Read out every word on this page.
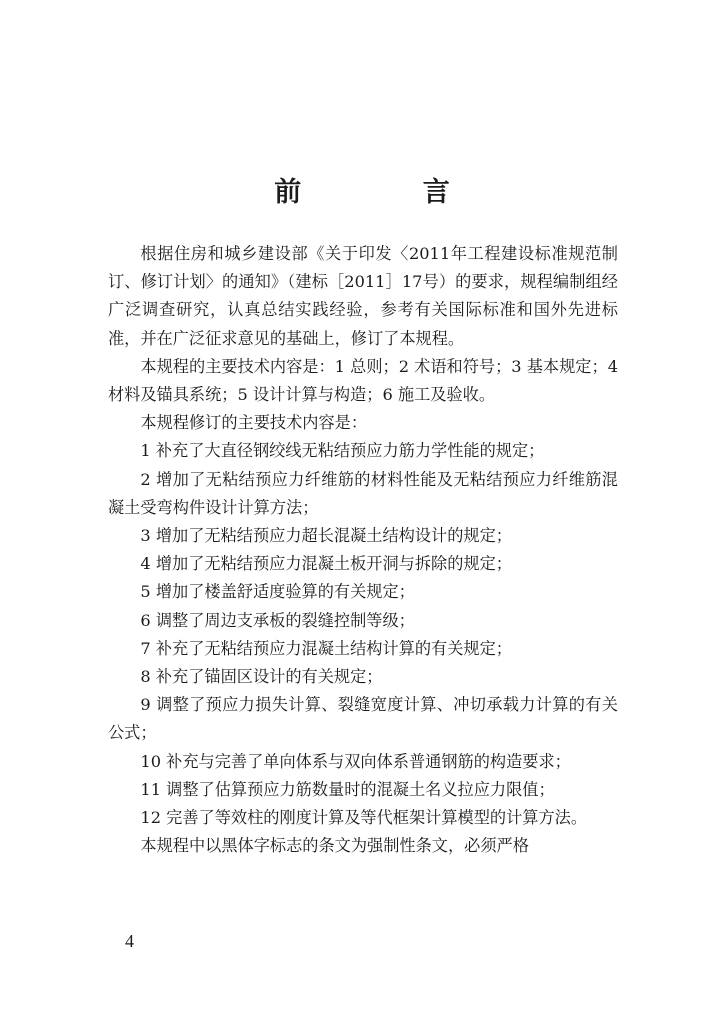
前 言

根据住房和城乡建设部《关于印发〈2011年工程建设标准规范制订、修订计划〉的通知》（建标［2011］17号）的要求，规程编制组经广泛调查研究，认真总结实践经验，参考有关国际标准和国外先进标准，并在广泛征求意见的基础上，修订了本规程。

本规程的主要技术内容是：1 总则；2 术语和符号；3 基本规定；4 材料及锚具系统；5 设计计算与构造；6 施工及验收。

本规程修订的主要技术内容是：

1 补充了大直径钢绞线无粘结预应力筋力学性能的规定；

2 增加了无粘结预应力纤维筋的材料性能及无粘结预应力纤维筋混凝土受弯构件设计计算方法；

3 增加了无粘结预应力超长混凝土结构设计的规定；

4 增加了无粘结预应力混凝土板开洞与拆除的规定；

5 增加了楼盖舒适度验算的有关规定；

6 调整了周边支承板的裂缝控制等级；

7 补充了无粘结预应力混凝土结构计算的有关规定；

8 补充了锚固区设计的有关规定；

9 调整了预应力损失计算、裂缝宽度计算、冲切承载力计算的有关公式；

10 补充与完善了单向体系与双向体系普通钢筋的构造要求；

11 调整了估算预应力筋数量时的混凝土名义拉应力限值；

12 完善了等效柱的刚度计算及等代框架计算模型的计算方法。

本规程中以黑体字标志的条文为强制性条文，必须严格

4
